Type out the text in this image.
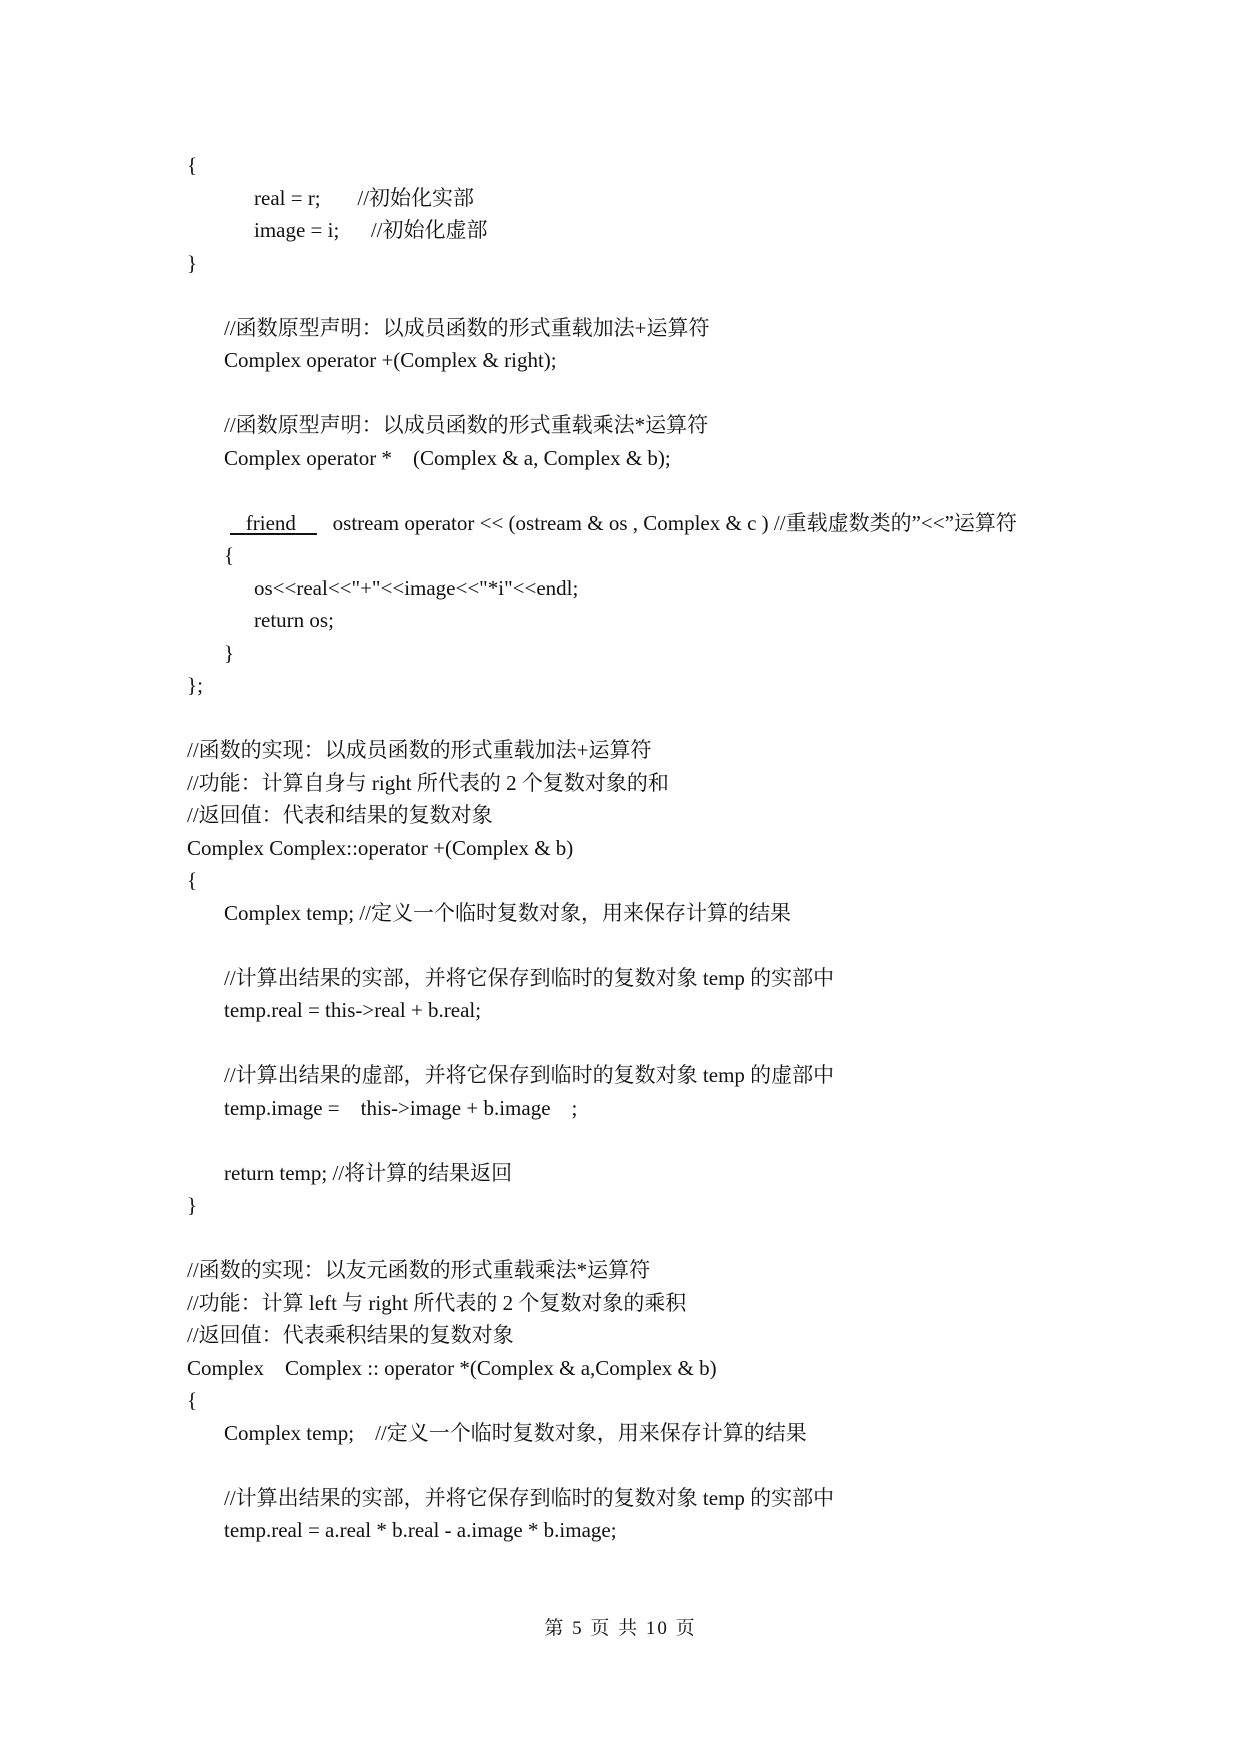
{
real = r;       //初始化实部
image = i;      //初始化虚部
}
//函数原型声明：以成员函数的形式重载加法+运算符
Complex operator +(Complex & right);
//函数原型声明：以成员函数的形式重载乘法*运算符
Complex operator *    (Complex & a, Complex & b);
friend ostream operator << (ostream & os , Complex & c ) //重载虚数类的”<<”运算符
{
os<<real<<"+"<<image<<"*i"<<endl;
return os;
}
};
//函数的实现：以成员函数的形式重载加法+运算符
//功能：计算自身与 right 所代表的 2 个复数对象的和
//返回值：代表和结果的复数对象
Complex Complex::operator +(Complex & b)
{
Complex temp; //定义一个临时复数对象，用来保存计算的结果
//计算出结果的实部，并将它保存到临时的复数对象 temp 的实部中
temp.real = this->real + b.real;
//计算出结果的虚部，并将它保存到临时的复数对象 temp 的虚部中
temp.image =    this->image + b.image    ;
return temp; //将计算的结果返回
}
//函数的实现：以友元函数的形式重载乘法*运算符
//功能：计算 left 与 right 所代表的 2 个复数对象的乘积
//返回值：代表乘积结果的复数对象
Complex    Complex :: operator *(Complex & a,Complex & b)
{
Complex temp;    //定义一个临时复数对象，用来保存计算的结果
//计算出结果的实部，并将它保存到临时的复数对象 temp 的实部中
temp.real = a.real * b.real - a.image * b.image;
第 5 页 共 10 页
